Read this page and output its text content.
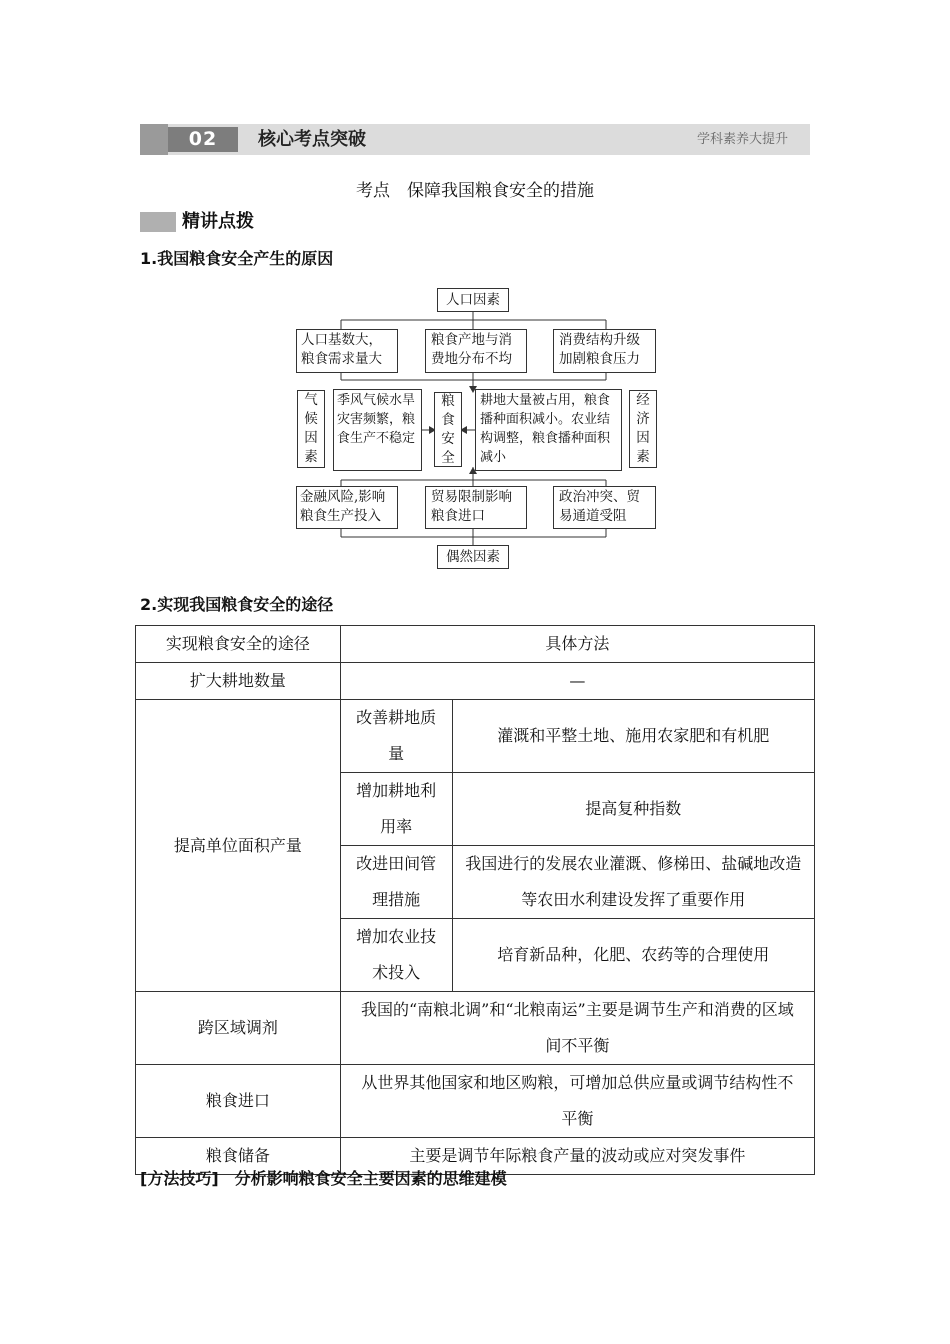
02	核心考点突破	学科素养大提升
考点　保障我国粮食安全的措施
精讲点拨
1.我国粮食安全产生的原因
人口因素
人口基数大，粮食需求量大
粮食产地与消费地分布不均
消费结构升级加剧粮食压力
气候因素
季风气候水旱灾害频繁，粮食生产不稳定
粮食安全
耕地大量被占用，粮食播种面积减小。农业结构调整，粮食播种面积减小
经济因素
金融风险,影响粮食生产投入
贸易限制影响粮食进口
政治冲突、贸易通道受阻
偶然因素
2.实现我国粮食安全的途径
实现粮食安全的途径	具体方法	
扩大耕地数量	—	
提高单位面积产量	改善耕地质量	灌溉和平整土地、施用农家肥和有机肥
	增加耕地利用率	提高复种指数
	改进田间管理措施	我国进行的发展农业灌溉、修梯田、盐碱地改造等农田水利建设发挥了重要作用
	增加农业技术投入	培育新品种，化肥、农药等的合理使用
跨区域调剂	我国的“南粮北调”和“北粮南运”主要是调节生产和消费的区域间不平衡	
粮食进口	从世界其他国家和地区购粮，可增加总供应量或调节结构性不平衡	
粮食储备	主要是调节年际粮食产量的波动或应对突发事件	
[方法技巧]　分析影响粮食安全主要因素的思维建模
